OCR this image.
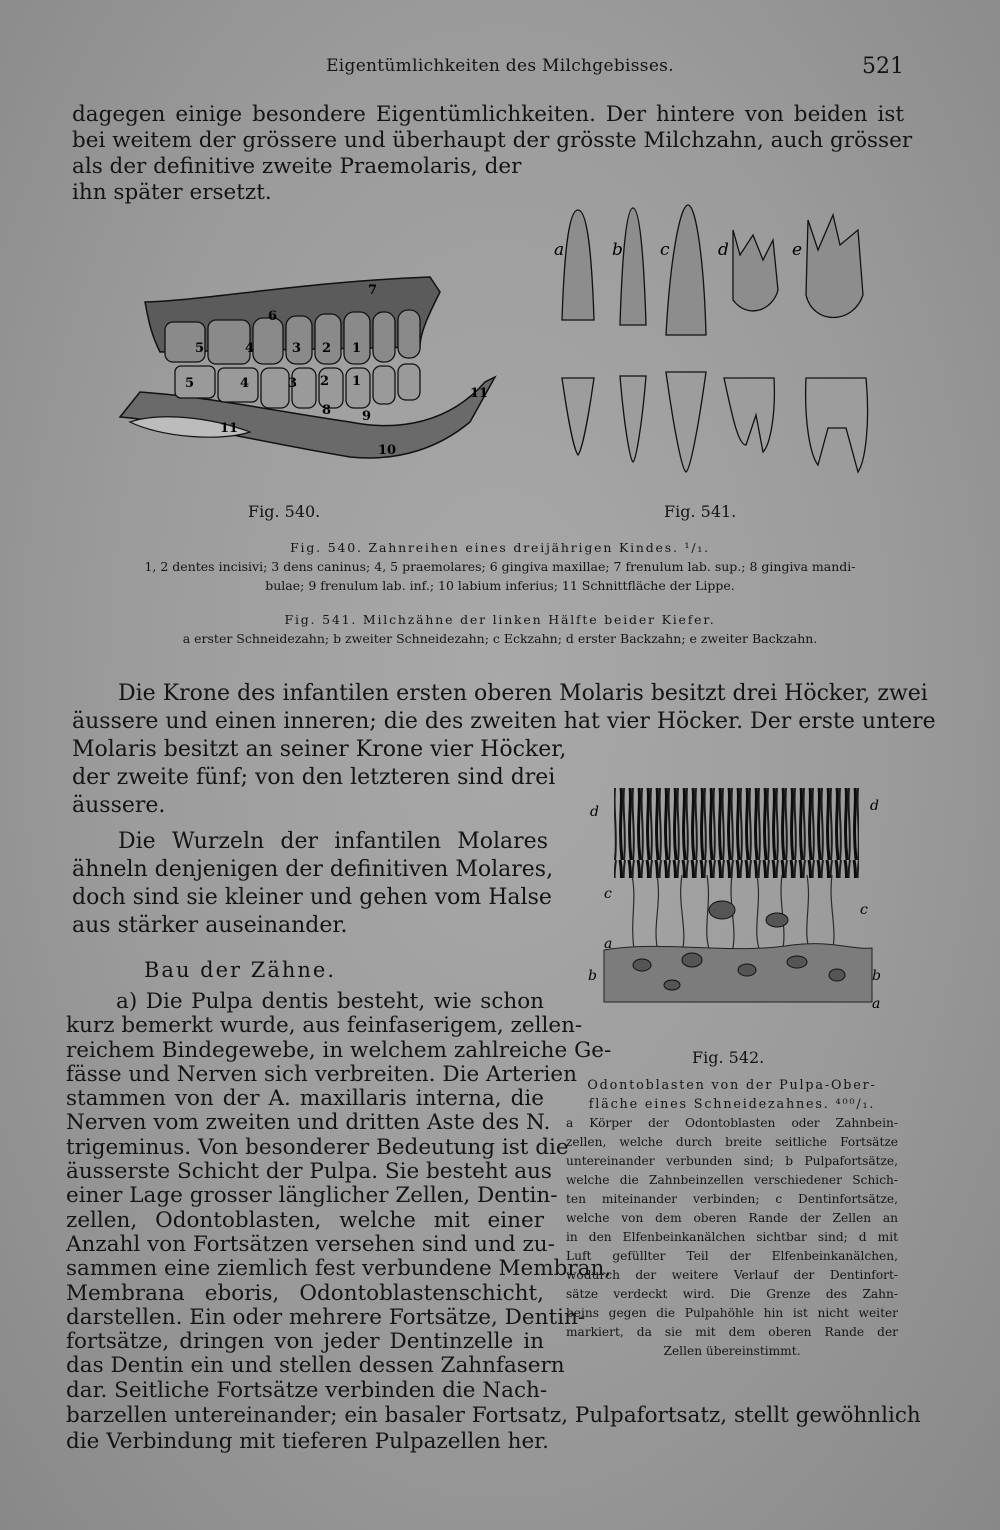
Eigentümlichkeiten des Milchgebisses.	521
dagegen einige besondere Eigentümlichkeiten. Der hintere von beiden ist
bei weitem der grössere und überhaupt der grösste Milchzahn, auch grösser
als der definitive zweite Praemolaris, der
ihn später ersetzt.
7
6
5	4	3 2 1
5	4	3 2 1
8 9
10
11
11
a	b c	d	e
Fig. 540.	Fig. 541.
Fig. 540. Zahnreihen eines dreijährigen Kindes. ¹/₁.
1, 2 dentes incisivi; 3 dens caninus; 4, 5 praemolares; 6 gingiva maxillae; 7 frenulum lab. sup.; 8 gingiva mandi-
bulae; 9 frenulum lab. inf.; 10 labium inferius; 11 Schnittfläche der Lippe.
Fig. 541. Milchzähne der linken Hälfte beider Kiefer.
a erster Schneidezahn; b zweiter Schneidezahn; c Eckzahn; d erster Backzahn; e zweiter Backzahn.
Die Krone des infantilen ersten oberen Molaris besitzt drei Höcker, zwei
äussere und einen inneren; die des zweiten hat vier Höcker. Der erste untere
Molaris besitzt an seiner Krone vier Höcker,
der zweite fünf; von den letzteren sind drei
äussere.
Die Wurzeln der infantilen Molares
ähneln denjenigen der definitiven Molares,
doch sind sie kleiner und gehen vom Halse
aus stärker auseinander.
Bau der Zähne.
a) Die Pulpa dentis besteht, wie schon
kurz bemerkt wurde, aus feinfaserigem, zellen-
reichem Bindegewebe, in welchem zahlreiche Ge-
fässe und Nerven sich verbreiten. Die Arterien
stammen von der A. maxillaris interna, die
Nerven vom zweiten und dritten Aste des N.
trigeminus. Von besonderer Bedeutung ist die
äusserste Schicht der Pulpa. Sie besteht aus
einer Lage grosser länglicher Zellen, Dentin-
zellen, Odontoblasten, welche mit einer
Anzahl von Fortsätzen versehen sind und zu-
sammen eine ziemlich fest verbundene Membran,
Membrana eboris, Odontoblastenschicht,
darstellen. Ein oder mehrere Fortsätze, Dentin-
fortsätze, dringen von jeder Dentinzelle in
das Dentin ein und stellen dessen Zahnfasern
dar. Seitliche Fortsätze verbinden die Nach-
barzellen untereinander; ein basaler Fortsatz, Pulpafortsatz, stellt gewöhnlich
die Verbindung mit tieferen Pulpazellen her.
d	d
c
c
a
a
b	b
Fig. 542.
Odontoblasten von der Pulpa-Ober-
fläche eines Schneidezahnes. ⁴⁰⁰/₁.
a Körper der Odontoblasten oder Zahnbein-
zellen, welche durch breite seitliche Fortsätze
untereinander verbunden sind; b Pulpafortsätze,
welche die Zahnbeinzellen verschiedener Schich-
ten miteinander verbinden; c Dentinfortsätze,
welche von dem oberen Rande der Zellen an
in den Elfenbeinkanälchen sichtbar sind; d mit
Luft gefüllter Teil der Elfenbeinkanälchen,
wodurch der weitere Verlauf der Dentinfort-
sätze verdeckt wird. Die Grenze des Zahn-
beins gegen die Pulpahöhle hin ist nicht weiter
markiert, da sie mit dem oberen Rande der
Zellen übereinstimmt.
